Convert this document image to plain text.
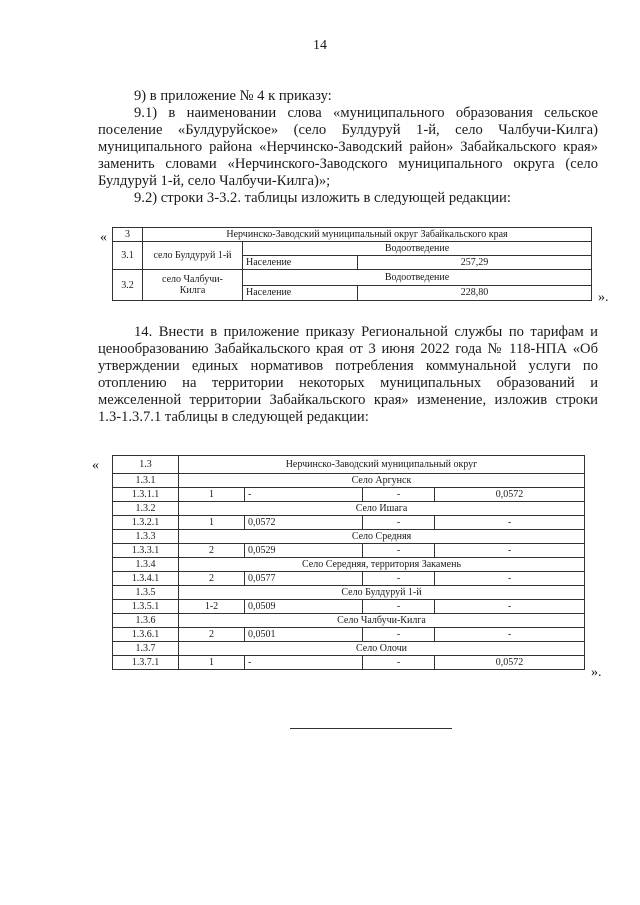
14
9) в приложение № 4 к приказу:
9.1) в наименовании слова «муниципального образования сельское
поселение «Булдуруйское» (село Булдуруй 1-й, село Чалбучи-Килга)
муниципального района «Нерчинско-Заводский район» Забайкальского края»
заменить словами «Нерчинского-Заводского муниципального округа (село
Булдуруй 1-й, село Чалбучи-Килга)»;
9.2) строки 3-3.2. таблицы изложить в следующей редакции:
« 3	Нерчинско-Заводский муниципальный округ Забайкальского края		
3.1	село Булдуруй 1-й	Водоотведение	
		Население	257,29
3.2	село Чалбучи-Килга	Водоотведение	
		Население	228,80	».
14. Внести в приложение приказу Региональной службы по тарифам и
ценообразованию Забайкальского края от 3 июня 2022 года № 118-НПА «Об
утверждении единых нормативов потребления коммунальной услуги по
отоплению на территории некоторых муниципальных образований и
межселенной территории Забайкальского края» изменение, изложив строки
1.3-1.3.7.1 таблицы в следующей редакции:
«	1.3	Нерчинско-Заводский муниципальный округ			
1.3.1	Село Аргунск			
1.3.1.1	1	-	-	0,0572
1.3.2	Село Ишага			
1.3.2.1	1	0,0572	-	-
1.3.3	Село Средняя			
1.3.3.1	2	0,0529	-	-
1.3.4	Село Середняя, территория Закамень			
1.3.4.1	2	0,0577	-	-
1.3.5	Село Булдуруй 1-й			
1.3.5.1	1-2	0,0509	-	-
1.3.6	Село Чалбучи-Килга			
1.3.6.1	2	0,0501	-	-
1.3.7	Село Олочи			
1.3.7.1	1	-	-	0,0572
».
